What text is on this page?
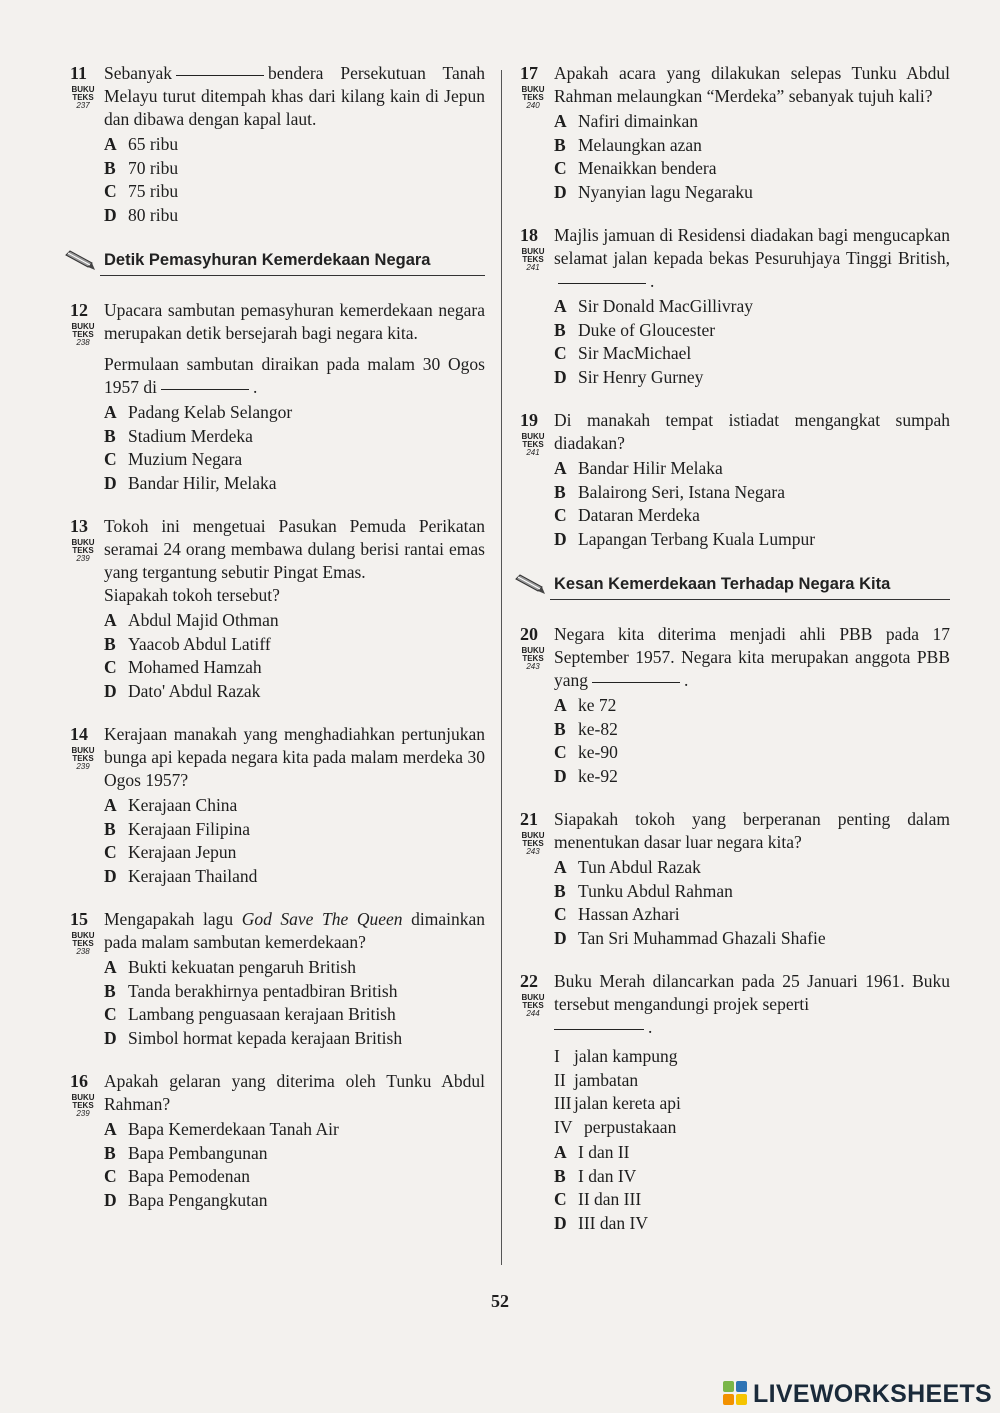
11 Sebanyak	bendera Persekutuan Tanah Melayu turut ditempah khas dari kilang kain di Jepun dan dibawa dengan kapal laut.
BUKU
TEKS
237
A 65 ribu
B 70 ribu
C 75 ribu
D 80 ribu
Detik Pemasyhuran Kemerdekaan Negara
12 Upacara sambutan pemasyhuran kemerdekaan negara merupakan detik bersejarah bagi negara kita.
BUKU
TEKS
238
Permulaan sambutan diraikan pada malam 30 Ogos 1957 di	.
A Padang Kelab Selangor
B Stadium Merdeka
C Muzium Negara
D Bandar Hilir, Melaka
13 Tokoh ini mengetuai Pasukan Pemuda Perikatan seramai 24 orang membawa dulang berisi rantai emas yang tergantung sebutir Pingat Emas.
BUKU
TEKS
239
Siapakah tokoh tersebut?
A Abdul Majid Othman
B Yaacob Abdul Latiff
C Mohamed Hamzah
D Dato' Abdul Razak
14 Kerajaan manakah yang menghadiahkan pertunjukan bunga api kepada negara kita pada malam merdeka 30 Ogos 1957?
BUKU
TEKS
239
A Kerajaan China
B Kerajaan Filipina
C Kerajaan Jepun
D Kerajaan Thailand
15 Mengapakah lagu God Save The Queen dimainkan pada malam sambutan kemerdekaan?
BUKU
TEKS
238
A Bukti kekuatan pengaruh British
B Tanda berakhirnya pentadbiran British
C Lambang penguasaan kerajaan British
D Simbol hormat kepada kerajaan British
16 Apakah gelaran yang diterima oleh Tunku Abdul Rahman?
BUKU
TEKS
239
A Bapa Kemerdekaan Tanah Air
B Bapa Pembangunan
C Bapa Pemodenan
D Bapa Pengangkutan
17 Apakah acara yang dilakukan selepas Tunku Abdul Rahman melaungkan “Merdeka” sebanyak tujuh kali?
BUKU
TEKS
240
A Nafiri dimainkan
B Melaungkan azan
C Menaikkan bendera
D Nyanyian lagu Negaraku
18 Majlis jamuan di Residensi diadakan bagi mengucapkan selamat jalan kepada bekas Pesuruhjaya Tinggi British,.
BUKU
TEKS
241
A Sir Donald MacGillivray
B Duke of Gloucester
C Sir MacMichael
D Sir Henry Gurney
19 Di manakah tempat istiadat mengangkat sumpah diadakan?
BUKU
TEKS
241
A Bandar Hilir Melaka
B Balairong Seri, Istana Negara
C Dataran Merdeka
D Lapangan Terbang Kuala Lumpur
Kesan Kemerdekaan Terhadap Negara Kita
20 Negara kita diterima menjadi ahli PBB pada 17 September 1957. Negara kita merupakan anggota PBB yang	.
BUKU
TEKS
243
A ke 72
B ke-82
C ke-90
D ke-92
21 Siapakah tokoh yang berperanan penting dalam menentukan dasar luar negara kita?
BUKU
TEKS
243
A Tun Abdul Razak
B Tunku Abdul Rahman
C Hassan Azhari
D Tan Sri Muhammad Ghazali Shafie
22 Buku Merah dilancarkan pada 25 Januari 1961. Buku tersebut mengandungi projek seperti
.
BUKU
TEKS
244
I jalan kampung
II jambatan
III jalan kereta api
IV perpustakaan
A I dan II
B I dan IV
C II dan III
D III dan IV
52
LIVEWORKSHEETS
